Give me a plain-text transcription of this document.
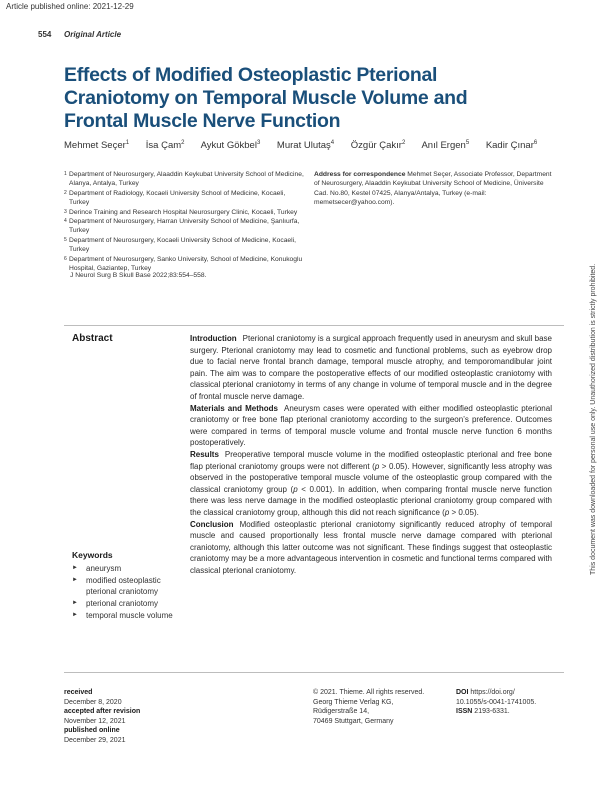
Article published online: 2021-12-29
554 Original Article
Effects of Modified Osteoplastic Pterional
Craniotomy on Temporal Muscle Volume and
Frontal Muscle Nerve Function
Mehmet Seçer$^1$ İsa Çam$^2$ Aykut Gökbel$^3$ Murat Ulutaş$^4$ Özgür Çakır$^2$ Anıl Ergen$^5$ Kadir Çınar$^6$
1 Department of Neurosurgery, Alaaddin Keykubat University School of Medicine, Alanya, Antalya, Turkey
2 Department of Radiology, Kocaeli University School of Medicine, Kocaeli, Turkey
3 Derince Training and Research Hospital Neurosurgery Clinic, Kocaeli, Turkey
4 Department of Neurosurgery, Harran University School of Medicine, Şanlıurfa, Turkey
5 Department of Neurosurgery, Kocaeli University School of Medicine, Kocaeli, Turkey
6 Department of Neurosurgery, Sanko University, School of Medicine, Konukoglu Hospital, Gaziantep, Turkey
Address for correspondence Mehmet Seçer, Associate Professor, Department of Neurosurgery, Alaaddin Keykubat University School of Medicine, Üniversite Cad. No.80, Kestel 07425, Alanya/Antalya, Turkey (e-mail: memetsecer@yahoo.com).
J Neurol Surg B Skull Base 2022;83:554–558.
Abstract	Introduction Pterional craniotomy is a surgical approach frequently used in aneurysm and skull base surgery. Pterional craniotomy may lead to cosmetic and functional problems, such as eyebrow drop due to facial nerve frontal branch damage, temporal muscle atrophy, and temporomandibular joint pain. The aim was to compare the postoperative effects of our modified osteoplastic craniotomy with classical pterional craniotomy in terms of any change in volume of temporal muscle and in the degree of frontal muscle nerve damage.

Materials and Methods Aneurysm cases were operated with either modified osteoplastic pterional craniotomy or free bone flap pterional craniotomy according to the surgeon’s preference. Outcomes were compared in terms of temporal muscle volume and frontal muscle nerve function 6 months postoperatively.

Results Preoperative temporal muscle volume in the modified osteoplastic pterional and free bone flap pterional craniotomy groups were not different (p > 0.05). However, significantly less atrophy was observed in the postoperative temporal muscle volume of the osteoplastic group compared with the classical craniotomy group (p < 0.001). In addition, when comparing frontal muscle nerve function there was less nerve damage in the modified osteoplastic pterional craniotomy group compared with the classical craniotomy group, although this did not reach significance (p > 0.05).

Conclusion Modified osteoplastic pterional craniotomy significantly reduced atrophy of temporal muscle and caused proportionally less frontal muscle nerve damage compared with pterional craniotomy, although this latter outcome was not significant. These findings suggest that osteoplastic craniotomy may be a more advantageous intervention in cosmetic and functional terms compared with classical pterional craniotomy.

Keywords
► aneurysm
► modified osteoplastic pterional craniotomy
► pterional craniotomy
► temporal muscle volume
This document was downloaded for personal use only. Unauthorized distribution is strictly prohibited.
received
December 8, 2020
accepted after revision
November 12, 2021
published online
December 29, 2021
© 2021. Thieme. All rights reserved.
Georg Thieme Verlag KG,
Rüdigerstraße 14,
70469 Stuttgart, Germany
DOI https://doi.org/
10.1055/s-0041-1741005.
ISSN 2193-6331.
